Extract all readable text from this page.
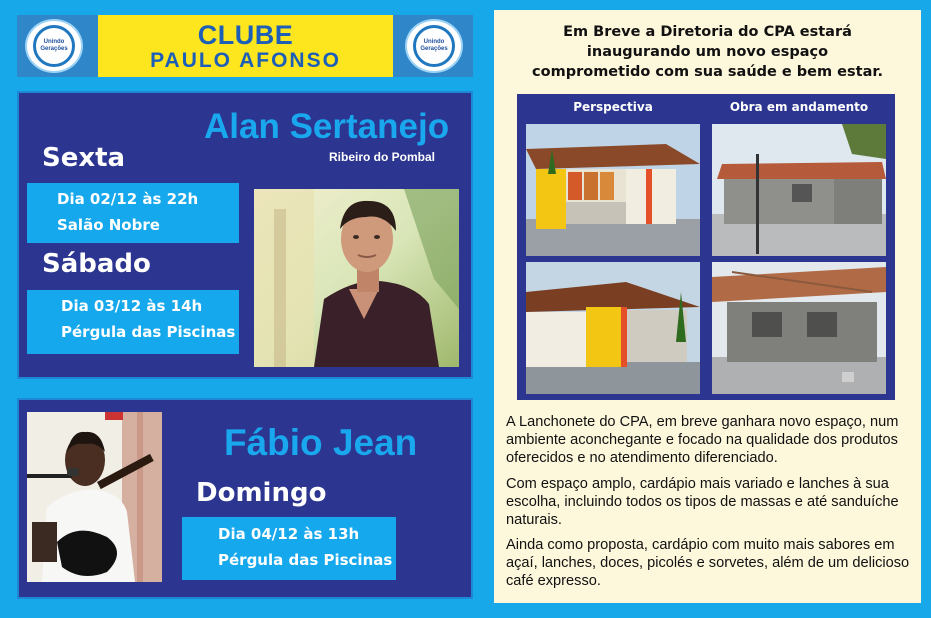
Unindo Gerações	CLUBE
PAULO AFONSO
Unindo Gerações
Alan Sertanejo
Ribeiro do Pombal
Sexta
Dia 02/12 às 22h
Salão Nobre
Sábado
Dia 03/12 às 14h
Pérgula das Piscinas
Fábio Jean
Domingo
Dia 04/12 às 13h
Pérgula das Piscinas
Em Breve a Diretoria do CPA estará
inaugurando um novo espaço
comprometido com sua saúde e bem estar.
Perspectiva	Obra em andamento
A Lanchonete do CPA, em breve ganhara novo espaço, num ambiente aconchegante e focado na qualidade dos produtos oferecidos e no atendimento diferenciado.
Com espaço amplo, cardápio mais variado e lanches à sua escolha, incluindo todos os tipos de massas e até sanduíche naturais.
Ainda como proposta, cardápio com muito mais sabores em açaí, lanches, doces, picolés e sorvetes, além de um delicioso café expresso.
